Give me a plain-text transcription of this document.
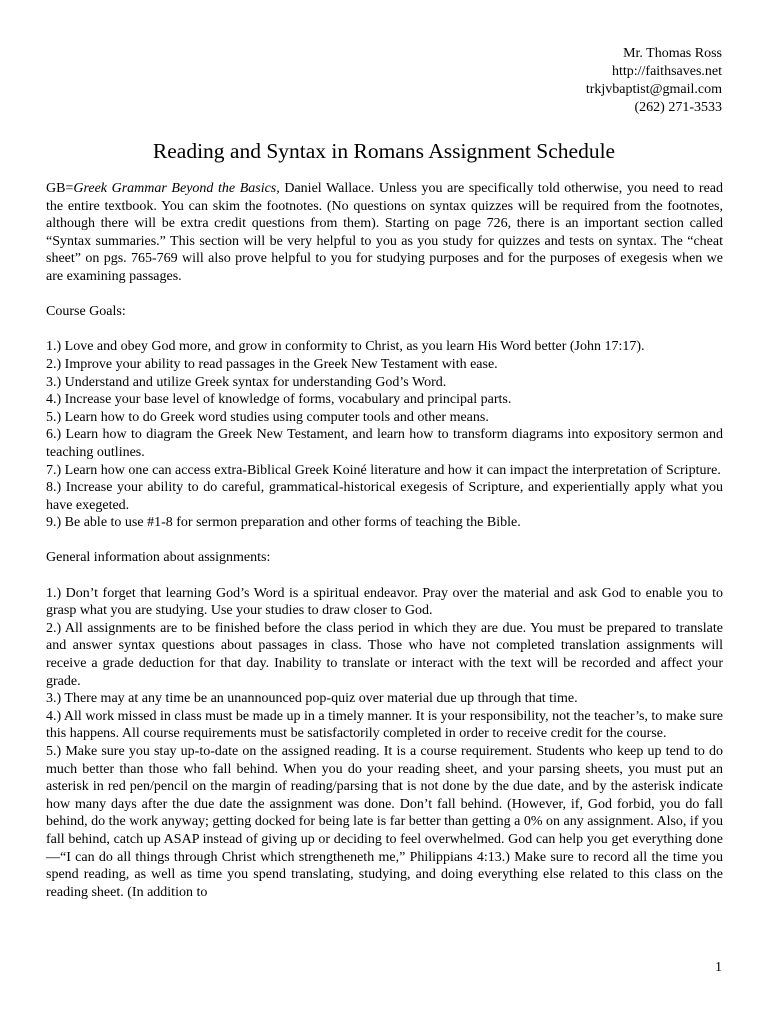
Mr. Thomas Ross
http://faithsaves.net
trkjvbaptist@gmail.com
(262) 271-3533
Reading and Syntax in Romans Assignment Schedule

GB=Greek Grammar Beyond the Basics, Daniel Wallace. Unless you are specifically told otherwise, you need to read the entire textbook. You can skim the footnotes. (No questions on syntax quizzes will be required from the footnotes, although there will be extra credit questions from them). Starting on page 726, there is an important section called “Syntax summaries.” This section will be very helpful to you as you study for quizzes and tests on syntax. The “cheat sheet” on pgs. 765-769 will also prove helpful to you for studying purposes and for the purposes of exegesis when we are examining passages.

Course Goals:

1.) Love and obey God more, and grow in conformity to Christ, as you learn His Word better (John 17:17).

2.) Improve your ability to read passages in the Greek New Testament with ease.

3.) Understand and utilize Greek syntax for understanding God’s Word.

4.) Increase your base level of knowledge of forms, vocabulary and principal parts.

5.) Learn how to do Greek word studies using computer tools and other means.

6.) Learn how to diagram the Greek New Testament, and learn how to transform diagrams into expository sermon and teaching outlines.

7.) Learn how one can access extra-Biblical Greek Koiné literature and how it can impact the interpretation of Scripture.

8.) Increase your ability to do careful, grammatical-historical exegesis of Scripture, and experientially apply what you have exegeted.

9.) Be able to use #1-8 for sermon preparation and other forms of teaching the Bible.

General information about assignments:

1.) Don’t forget that learning God’s Word is a spiritual endeavor. Pray over the material and ask God to enable you to grasp what you are studying. Use your studies to draw closer to God.

2.) All assignments are to be finished before the class period in which they are due. You must be prepared to translate and answer syntax questions about passages in class. Those who have not completed translation assignments will receive a grade deduction for that day. Inability to translate or interact with the text will be recorded and affect your grade.

3.) There may at any time be an unannounced pop-quiz over material due up through that time.

4.) All work missed in class must be made up in a timely manner. It is your responsibility, not the teacher’s, to make sure this happens. All course requirements must be satisfactorily completed in order to receive credit for the course.

5.) Make sure you stay up-to-date on the assigned reading. It is a course requirement. Students who keep up tend to do much better than those who fall behind. When you do your reading sheet, and your parsing sheets, you must put an asterisk in red pen/pencil on the margin of reading/parsing that is not done by the due date, and by the asterisk indicate how many days after the due date the assignment was done. Don’t fall behind. (However, if, God forbid, you do fall behind, do the work anyway; getting docked for being late is far better than getting a 0% on any assignment. Also, if you fall behind, catch up ASAP instead of giving up or deciding to feel overwhelmed. God can help you get everything done—“I can do all things through Christ which strengtheneth me,” Philippians 4:13.) Make sure to record all the time you spend reading, as well as time you spend translating, studying, and doing everything else related to this class on the reading sheet. (In addition to

1
